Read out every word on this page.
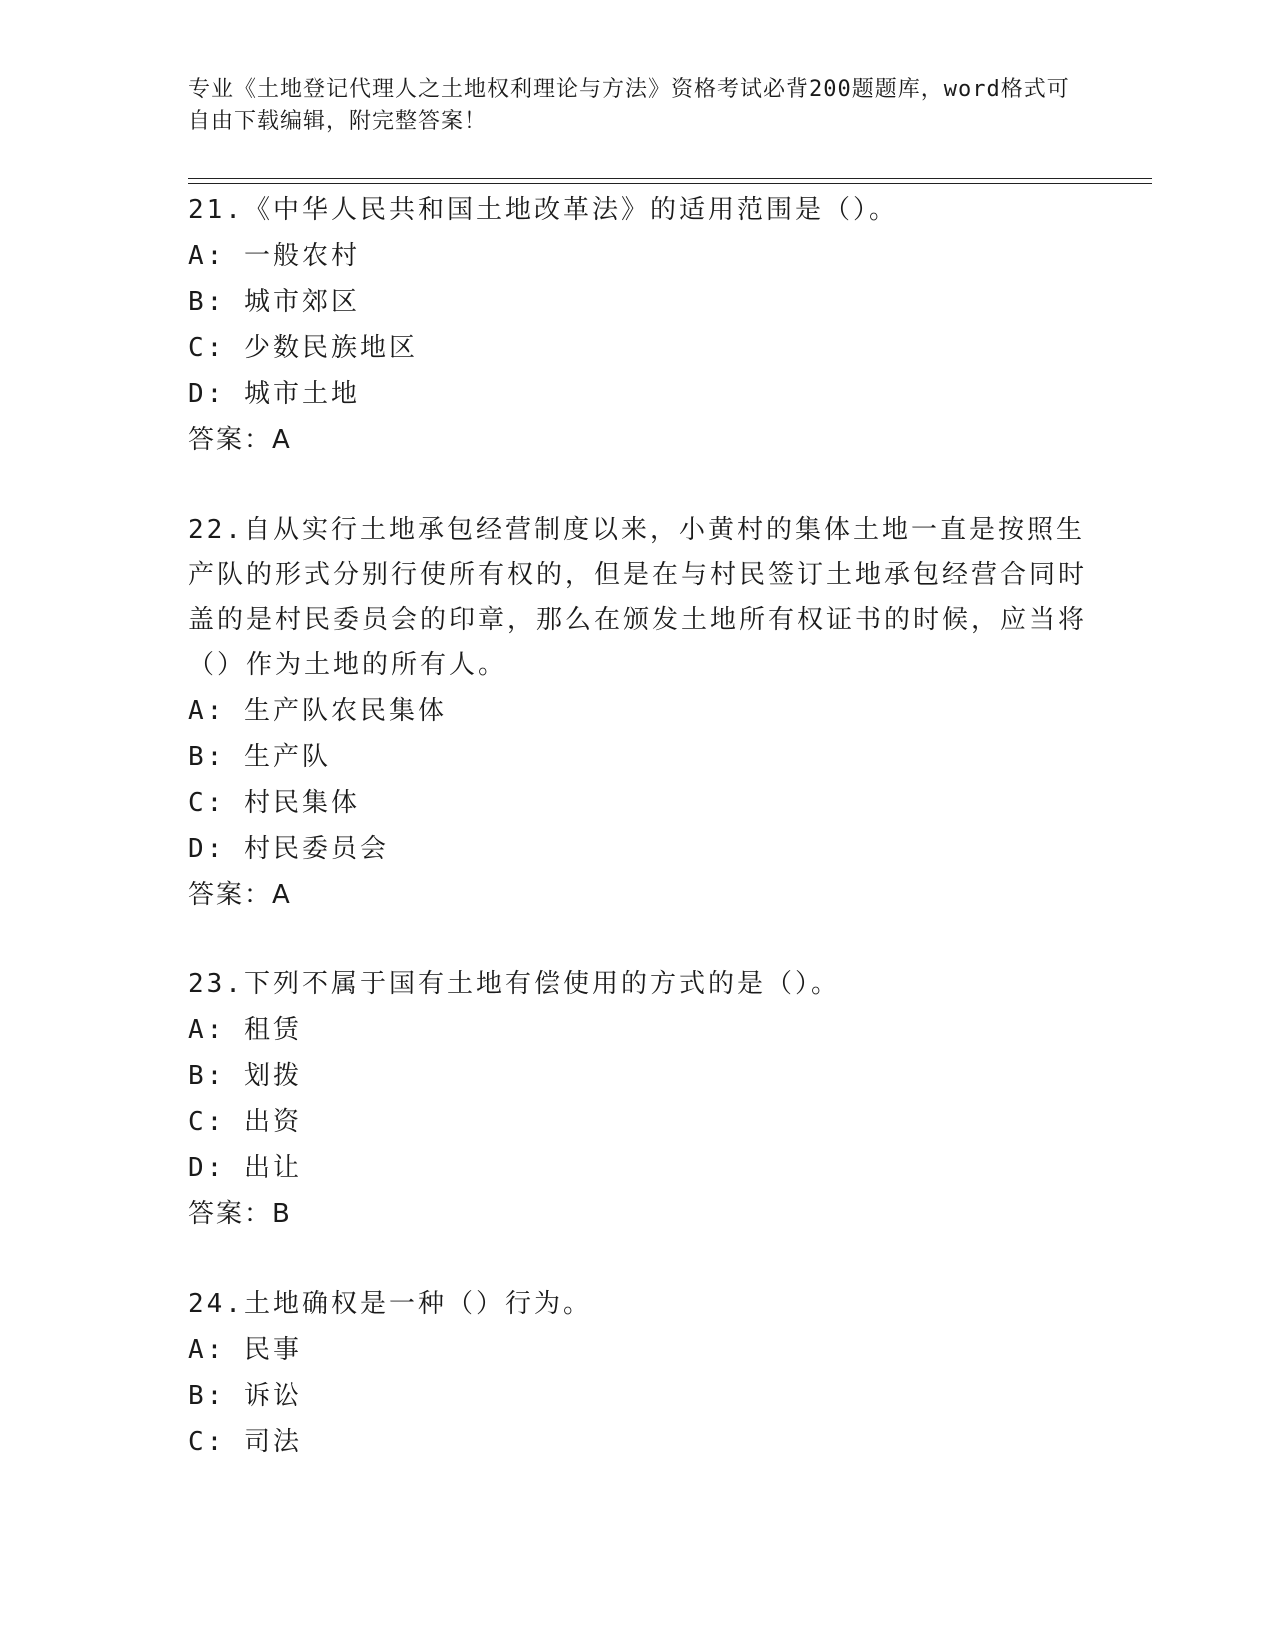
专业《土地登记代理人之土地权利理论与方法》资格考试必背200题题库，word格式可自由下载编辑，附完整答案！

21.《中华人民共和国土地改革法》的适用范围是（）。

A: 一般农村

B: 城市郊区

C: 少数民族地区

D: 城市土地

答案：A

22.自从实行土地承包经营制度以来，小黄村的集体土地一直是按照生产队的形式分别行使所有权的，但是在与村民签订土地承包经营合同时盖的是村民委员会的印章，那么在颁发土地所有权证书的时候，应当将（）作为土地的所有人。

A: 生产队农民集体

B: 生产队

C: 村民集体

D: 村民委员会

答案：A

23.下列不属于国有土地有偿使用的方式的是（）。

A: 租赁

B: 划拨

C: 出资

D: 出让

答案：B

24.土地确权是一种（）行为。

A: 民事

B: 诉讼

C: 司法
